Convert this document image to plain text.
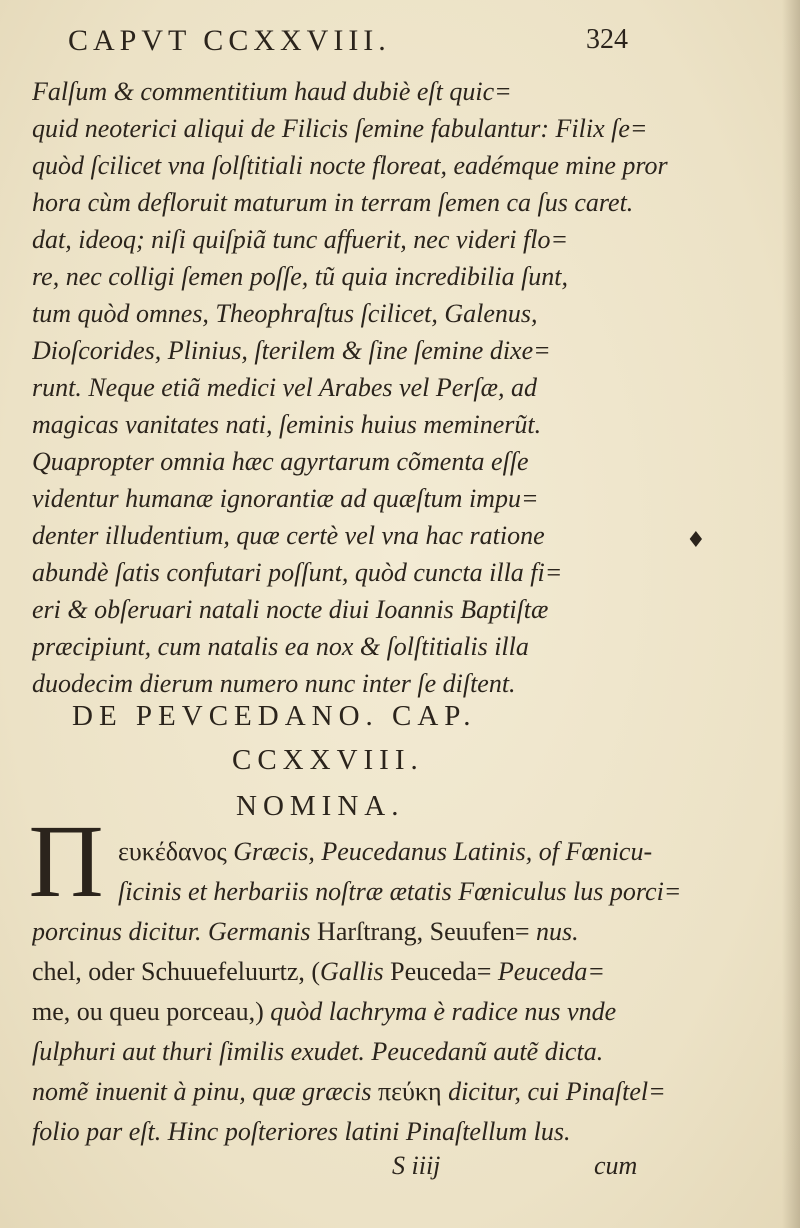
CAPVT CCXXVIII.	324
Falſum & commentitium haud dubiè eſt quic=
quid neoterici aliqui de Filicis ſemine fabulantur: Filix ſe=
quòd ſcilicet vna ſolſtitiali nocte floreat, eadémque mine pror
hora cùm defloruit maturum in terram ſemen ca ſus caret.
dat, ideoq; niſi quiſpiã tunc affuerit, nec videri flo=
re, nec colligi ſemen poſſe, tũ quia incredibilia ſunt,
tum quòd omnes, Theophraſtus ſcilicet, Galenus,
Dioſcorides, Plinius, ſterilem & ſine ſemine dixe=
runt. Neque etiã medici vel Arabes vel Perſæ, ad
magicas vanitates nati, ſeminis huius meminerũt.
Quapropter omnia hæc agyrtarum cõmenta eſſe
videntur humanæ ignorantiæ ad quæſtum impu=
denter illudentium, quæ certè vel vna hac ratione
abundè ſatis confutari poſſunt, quòd cuncta illa fi=
eri & obſeruari natali nocte diui Ioannis Baptiſtæ
præcipiunt, cum natalis ea nox & ſolſtitialis illa
duodecim dierum numero nunc inter ſe diſtent.
DE PEVCEDANO. CAP.
CCXXVIII.
NOMINA.
Π ευκέδανος Græcis, Peucedanus Latinis, of Fœnicu-
ſicinis et herbariis noſtræ ætatis Fœniculus lus porci=
porcinus dicitur. Germanis Harſtrang, Seuufen= nus.
chel, oder Schuuefeluurtz, (Gallis Peuceda= Peuceda=
me, ou queu porceau,) quòd lachryma è radice nus vnde
ſulphuri aut thuri ſimilis exudet. Peucedanũ autẽ dicta.
nomẽ inuenit à pinu, quæ græcis πεύκη dicitur, cui Pinaſtel=
folio par eſt. Hinc poſteriores latini Pinaſtellum lus.
S iiij	cum
♦
